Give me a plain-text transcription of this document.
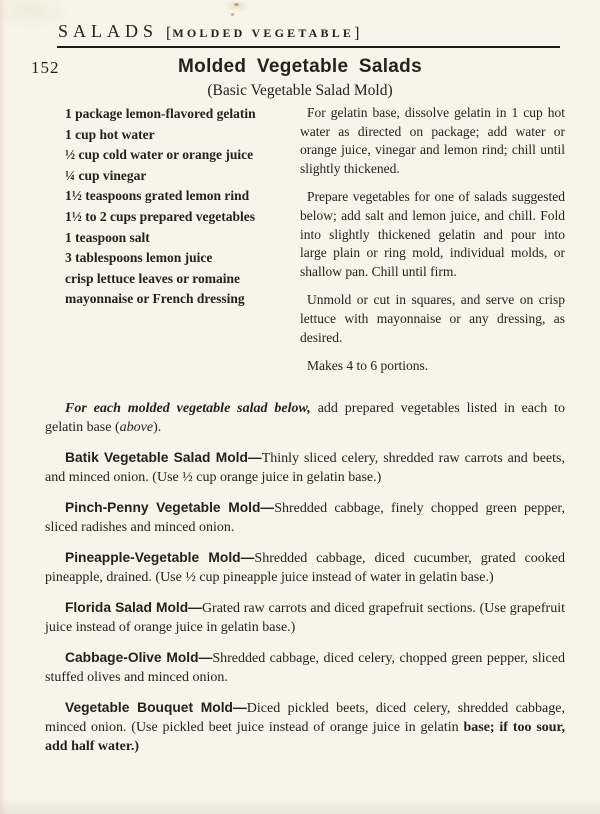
SALADS [MOLDED VEGETABLE]
152	Molded Vegetable Salads
(Basic Vegetable Salad Mold)
1 package lemon-flavored gelatin
1 cup hot water
½ cup cold water or orange juice
¼ cup vinegar
1½ teaspoons grated lemon rind
1½ to 2 cups prepared vegetables
1 teaspoon salt
3 tablespoons lemon juice
crisp lettuce leaves or romaine
mayonnaise or French dressing

For gelatin base, dissolve gelatin in 1 cup hot water as directed on package; add water or orange juice, vinegar and lemon rind; chill until slightly thickened.

Prepare vegetables for one of salads suggested below; add salt and lemon juice, and chill. Fold into slightly thickened gelatin and pour into large plain or ring mold, individual molds, or shallow pan. Chill until firm.

Unmold or cut in squares, and serve on crisp lettuce with mayonnaise or any dressing, as desired.

Makes 4 to 6 portions.

For each molded vegetable salad below, add prepared vegetables listed in each to gelatin base (above).

Batik Vegetable Salad Mold—Thinly sliced celery, shredded raw carrots and beets, and minced onion. (Use ½ cup orange juice in gelatin base.)

Pinch-Penny Vegetable Mold—Shredded cabbage, finely chopped green pepper, sliced radishes and minced onion.

Pineapple-Vegetable Mold—Shredded cabbage, diced cucumber, grated cooked pineapple, drained. (Use ½ cup pineapple juice instead of water in gelatin base.)

Florida Salad Mold—Grated raw carrots and diced grapefruit sections. (Use grapefruit juice instead of orange juice in gelatin base.)

Cabbage-Olive Mold—Shredded cabbage, diced celery, chopped green pepper, sliced stuffed olives and minced onion.

Vegetable Bouquet Mold—Diced pickled beets, diced celery, shredded cabbage, minced onion. (Use pickled beet juice instead of orange juice in gelatin base; if too sour, add half water.)
